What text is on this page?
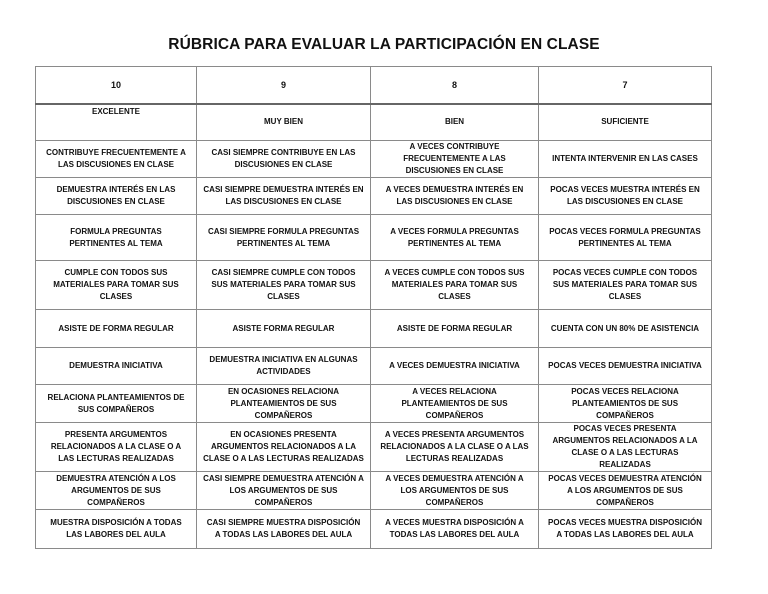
RÚBRICA PARA EVALUAR LA PARTICIPACIÓN EN CLASE
10	9	8	7
EXCELENTE	MUY BIEN	BIEN	SUFICIENTE
CONTRIBUYE FRECUENTEMENTE A LAS DISCUSIONES EN CLASE	CASI SIEMPRE CONTRIBUYE EN LAS DISCUSIONES EN CLASE	A VECES CONTRIBUYE FRECUENTEMENTE A LAS DISCUSIONES EN CLASE	INTENTA INTERVENIR EN LAS CASES
DEMUESTRA INTERÉS EN LAS DISCUSIONES EN CLASE	CASI SIEMPRE DEMUESTRA INTERÉS EN LAS DISCUSIONES EN CLASE	A VECES DEMUESTRA INTERÉS EN LAS DISCUSIONES EN CLASE	POCAS VECES MUESTRA INTERÉS EN LAS DISCUSIONES EN CLASE
FORMULA PREGUNTAS PERTINENTES AL TEMA	CASI SIEMPRE FORMULA PREGUNTAS PERTINENTES AL TEMA	A VECES FORMULA PREGUNTAS PERTINENTES AL TEMA	POCAS VECES FORMULA PREGUNTAS PERTINENTES AL TEMA
CUMPLE CON TODOS SUS MATERIALES PARA TOMAR SUS CLASES	CASI SIEMPRE CUMPLE CON TODOS SUS MATERIALES PARA TOMAR SUS CLASES	A VECES CUMPLE CON TODOS SUS MATERIALES PARA TOMAR SUS CLASES	POCAS VECES CUMPLE CON TODOS SUS MATERIALES PARA TOMAR SUS CLASES
ASISTE DE FORMA REGULAR	ASISTE FORMA REGULAR	ASISTE DE FORMA REGULAR	CUENTA CON UN 80% DE ASISTENCIA
DEMUESTRA INICIATIVA	DEMUESTRA INICIATIVA EN ALGUNAS ACTIVIDADES	A VECES DEMUESTRA INICIATIVA	POCAS VECES DEMUESTRA INICIATIVA
RELACIONA PLANTEAMIENTOS DE SUS COMPAÑEROS	EN OCASIONES RELACIONA PLANTEAMIENTOS DE SUS COMPAÑEROS	A VECES RELACIONA PLANTEAMIENTOS DE SUS COMPAÑEROS	POCAS VECES RELACIONA PLANTEAMIENTOS DE SUS COMPAÑEROS
PRESENTA ARGUMENTOS RELACIONADOS A LA CLASE O A LAS LECTURAS REALIZADAS	EN OCASIONES PRESENTA ARGUMENTOS RELACIONADOS A LA CLASE O A LAS LECTURAS REALIZADAS	A VECES PRESENTA ARGUMENTOS RELACIONADOS A LA CLASE O A LAS LECTURAS REALIZADAS	POCAS VECES PRESENTA ARGUMENTOS RELACIONADOS A LA CLASE O A LAS LECTURAS REALIZADAS
DEMUESTRA ATENCIÓN A LOS ARGUMENTOS DE SUS COMPAÑEROS	CASI SIEMPRE DEMUESTRA ATENCIÓN A LOS ARGUMENTOS DE SUS COMPAÑEROS	A VECES DEMUESTRA ATENCIÓN A LOS ARGUMENTOS DE SUS COMPAÑEROS	POCAS VECES DEMUESTRA ATENCIÓN A LOS ARGUMENTOS DE SUS COMPAÑEROS
MUESTRA DISPOSICIÓN A TODAS LAS LABORES DEL AULA	CASI SIEMPRE MUESTRA DISPOSICIÓN A TODAS LAS LABORES DEL AULA	A VECES MUESTRA DISPOSICIÓN A TODAS LAS LABORES DEL AULA	POCAS VECES MUESTRA DISPOSICIÓN A TODAS LAS LABORES DEL AULA
